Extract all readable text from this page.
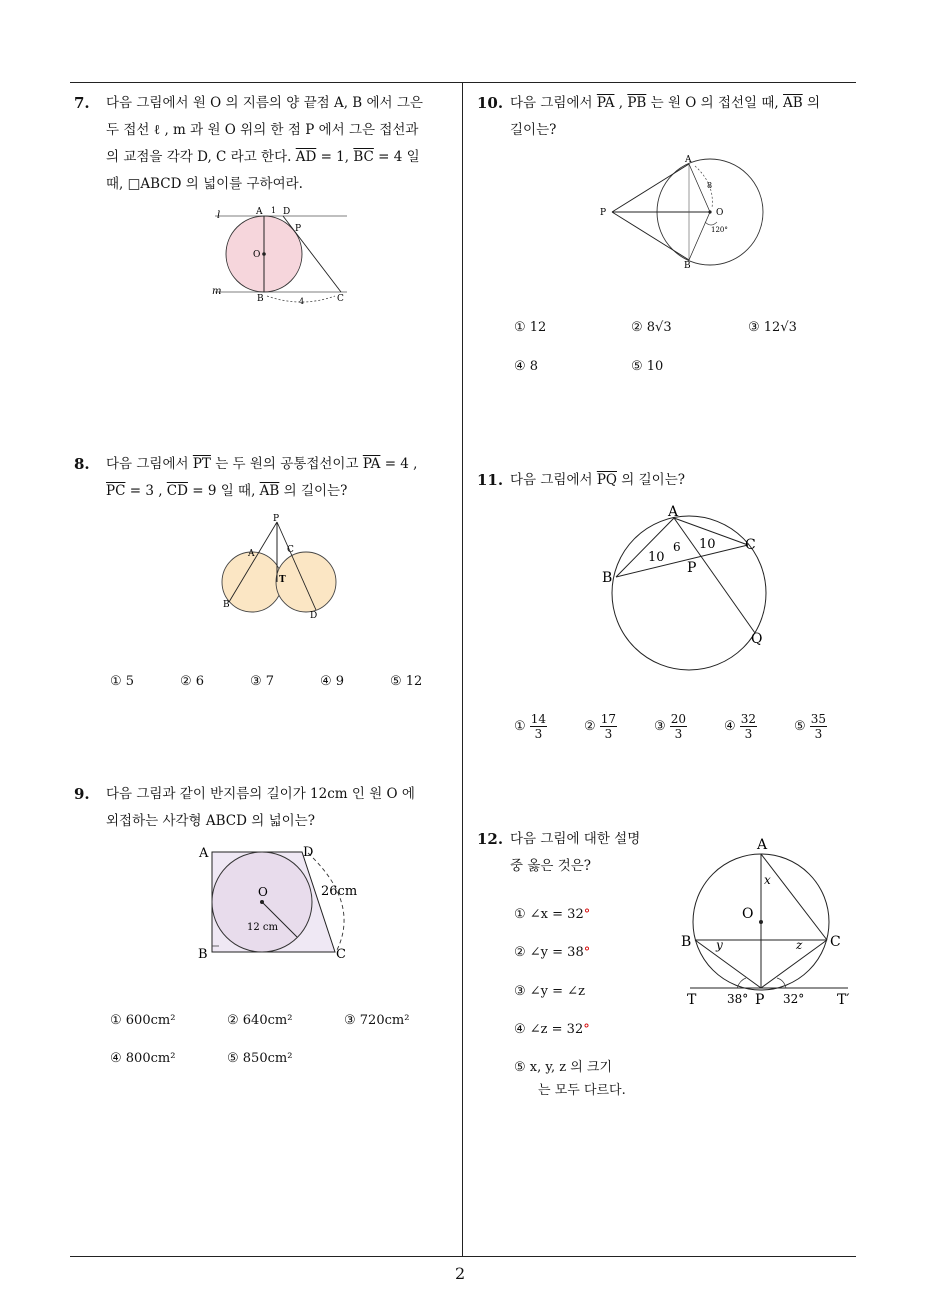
7. 다음 그림에서 원 O 의 지름의 양 끝점 A, B 에서 그은
두 접선 ℓ , m 과 원 O 위의 한 점 P 에서 그은 접선과
의 교점을 각각 D, C 라고 한다. $\overline{AD} = 1$, $\overline{BC} = 4$ 일
때, □ABCD 의 넓이를 구하여라.
l
m
A 1 D
P
O
B	C
4
8. 다음 그림에서 $\overline{PT}$ 는 두 원의 공통접선이고 $\overline{PA} = 4$ ,
$\overline{PC} = 3$ , $\overline{CD} = 9$ 일 때, $\overline{AB}$ 의 길이는?
P
A	C
T
B
D
① 5	② 6	③ 7	④ 9	⑤ 12
9. 다음 그림과 같이 반지름의 길이가 12cm 인 원 O 에
외접하는 사각형 ABCD 의 넓이는?
A	D
O	26cm
12 cm
B	C
① 600cm²	② 640cm²	③ 720cm²
④ 800cm²	⑤ 850cm²
10. 다음 그림에서 $\overline{PA}$ , $\overline{PB}$ 는 원 O 의 접선일 때, $\overline{AB}$ 의
길이는?
A
P	O
B
8
120°
① 12	② 8√3	③ 12√3
④ 8	⑤ 10
11. 다음 그림에서 $\overline{PQ}$ 의 길이는?
A
B
C
P
Q
10
6 10
① $\frac{14}{3}$	② $\frac{17}{3}$	③ $\frac{20}{3}$	④ $\frac{32}{3}$	⑤ $\frac{35}{3}$
12. 다음 그림에 대한 설명
중 옳은 것은?
① ∠x = 32°
② ∠y = 38°
③ ∠y = ∠z
④ ∠z = 32°
⑤ x, y, z 의 크기
는 모두 다르다.
A
x
O
B y	z C
T	38° P 32° T′
2
